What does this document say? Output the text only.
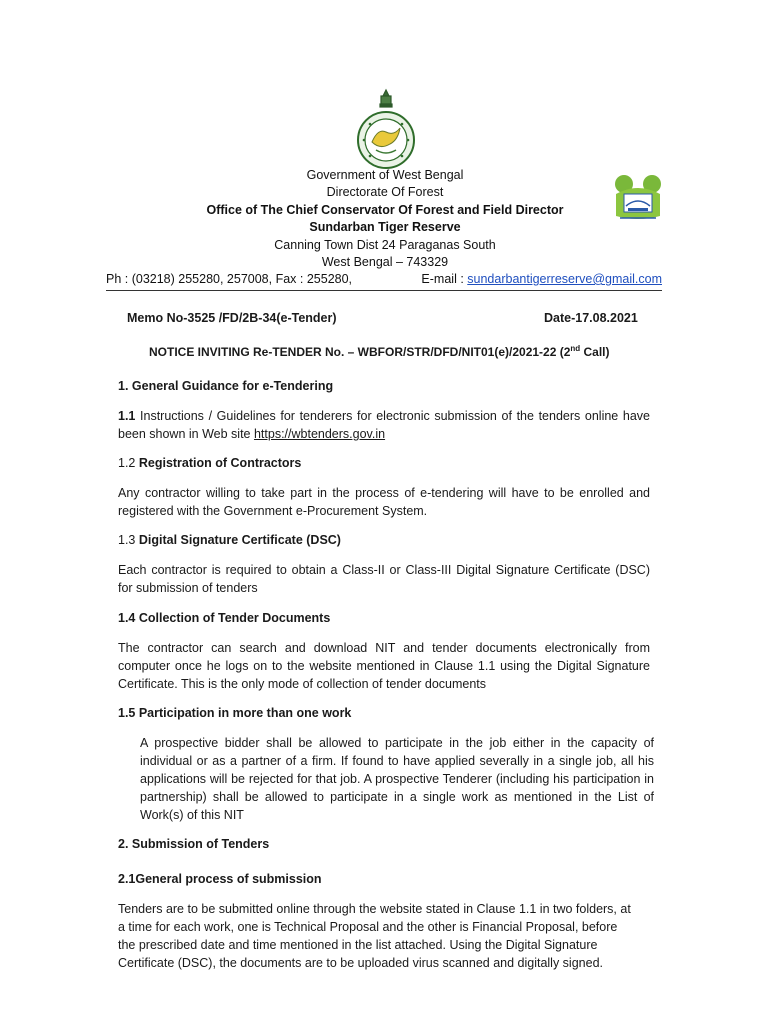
Government of West Bengal
Directorate Of Forest
Office of The Chief Conservator Of Forest and Field Director
Sundarban Tiger Reserve
Canning Town Dist 24 Paraganas South
West Bengal – 743329
Ph : (03218) 255280, 257008, Fax : 255280,	E-mail : sundarbantigerreserve@gmail.com
Memo No-3525 /FD/2B-34(e-Tender)	Date-17.08.2021
NOTICE INVITING Re-TENDER No. – WBFOR/STR/DFD/NIT01(e)/2021-22 (2nd Call)
1. General Guidance for e-Tendering
1.1 Instructions / Guidelines for tenderers for electronic submission of the tenders online have been shown in Web site https://wbtenders.gov.in
1.2 Registration of Contractors
Any contractor willing to take part in the process of e-tendering will have to be enrolled and registered with the Government e-Procurement System.
1.3 Digital Signature Certificate (DSC)
Each contractor is required to obtain a Class-II or Class-III Digital Signature Certificate (DSC) for submission of tenders
1.4 Collection of Tender Documents
The contractor can search and download NIT and tender documents electronically from computer once he logs on to the website mentioned in Clause 1.1 using the Digital Signature Certificate. This is the only mode of collection of tender documents
1.5 Participation in more than one work
A prospective bidder shall be allowed to participate in the job either in the capacity of individual or as a partner of a firm. If found to have applied severally in a single job, all his applications will be rejected for that job. A prospective Tenderer (including his participation in partnership) shall be allowed to participate in a single work as mentioned in the List of Work(s) of this NIT
2. Submission of Tenders
2.1General process of submission
Tenders are to be submitted online through the website stated in Clause 1.1 in two folders, at a time for each work, one is Technical Proposal and the other is Financial Proposal, before the prescribed date and time mentioned in the list attached. Using the Digital Signature Certificate (DSC), the documents are to be uploaded virus scanned and digitally signed.
